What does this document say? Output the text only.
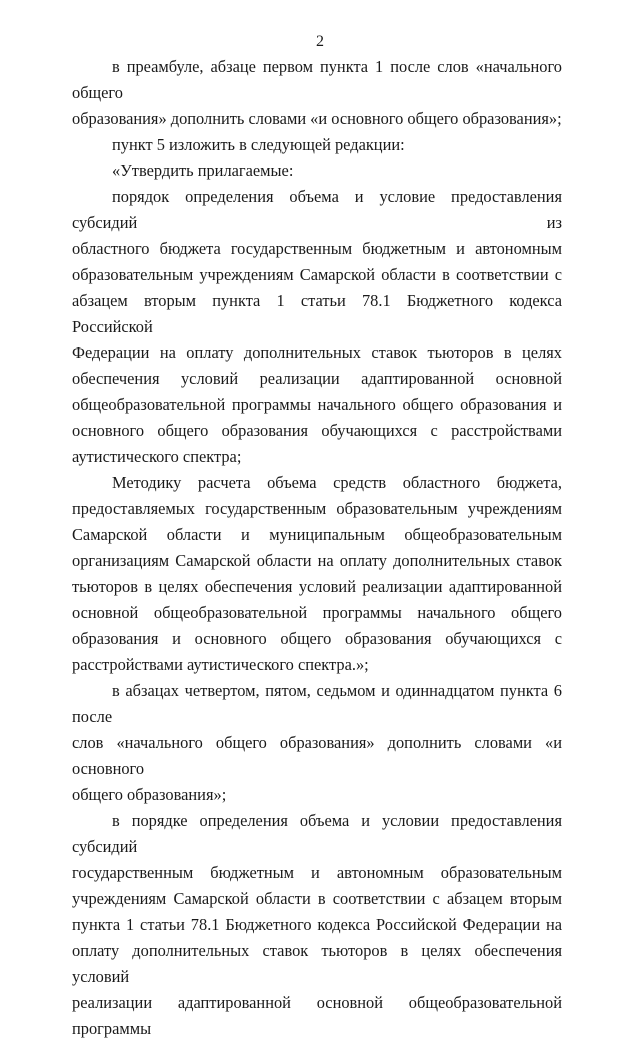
2

в преамбуле, абзаце первом пункта 1 после слов «начального общего

образования» дополнить словами «и основного общего образования»;

пункт 5 изложить в следующей редакции:

«Утвердить прилагаемые:

порядок определения объема и условие предоставления субсидий из

областного бюджета государственным бюджетным и автономным

образовательным учреждениям Самарской области в соответствии с

абзацем вторым пункта 1 статьи 78.1 Бюджетного кодекса Российской

Федерации на оплату дополнительных ставок тьюторов в целях

обеспечения условий реализации адаптированной основной

общеобразовательной программы начального общего образования и

основного общего образования обучающихся с расстройствами

аутистического спектра;

Методику расчета объема средств областного бюджета,

предоставляемых государственным образовательным учреждениям

Самарской области и муниципальным общеобразовательным

организациям Самарской области на оплату дополнительных ставок

тьюторов в целях обеспечения условий реализации адаптированной

основной общеобразовательной программы начального общего

образования и основного общего образования обучающихся с

расстройствами аутистического спектра.»;

в абзацах четвертом, пятом, седьмом и одиннадцатом пункта 6 после

слов «начального общего образования» дополнить словами «и основного

общего образования»;

в порядке определения объема и условии предоставления субсидий

государственным бюджетным и автономным образовательным

учреждениям Самарской области в соответствии с абзацем вторым

пункта 1 статьи 78.1 Бюджетного кодекса Российской Федерации на

оплату дополнительных ставок тьюторов в целях обеспечения условий

реализации адаптированной основной общеобразовательной программы
